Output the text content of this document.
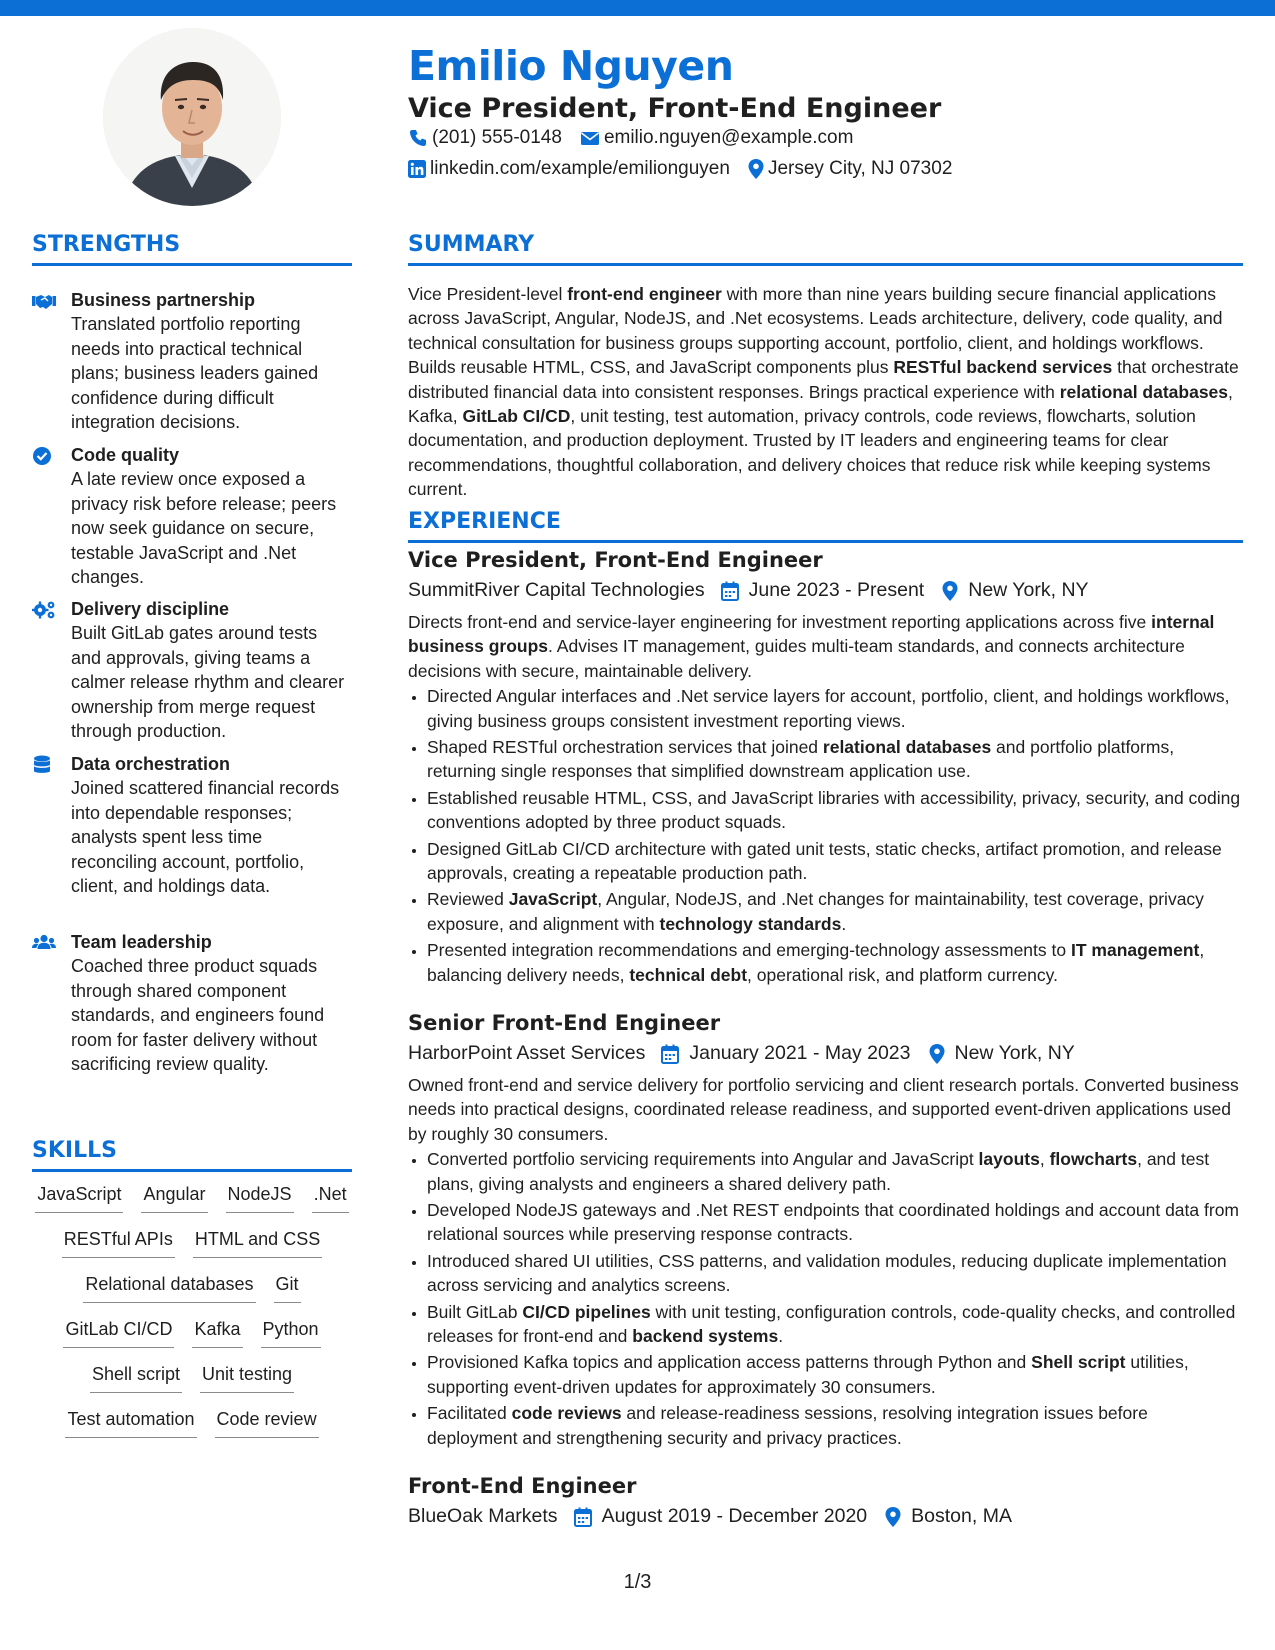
Emilio Nguyen
Vice President, Front-End Engineer
(201) 555-0148 emilio.nguyen@example.com
linkedin.com/example/emilionguyen Jersey City, NJ 07302
STRENGTHS
Business partnership
Translated portfolio reporting needs into practical technical plans; business leaders gained confidence during difficult integration decisions.
Code quality
A late review once exposed a privacy risk before release; peers now seek guidance on secure, testable JavaScript and .Net changes.
Delivery discipline
Built GitLab gates around tests and approvals, giving teams a calmer release rhythm and clearer ownership from merge request through production.
Data orchestration
Joined scattered financial records into dependable responses; analysts spent less time reconciling account, portfolio, client, and holdings data.
Team leadership
Coached three product squads through shared component standards, and engineers found room for faster delivery without sacrificing review quality.
SKILLS
JavaScript Angular NodeJS .Net
RESTful APIs HTML and CSS
Relational databases Git
GitLab CI/CD Kafka Python
Shell script Unit testing
Test automation Code review
SUMMARY

Vice President-level front-end engineer with more than nine years building secure financial applications across JavaScript, Angular, NodeJS, and .Net ecosystems. Leads architecture, delivery, code quality, and technical consultation for business groups supporting account, portfolio, client, and holdings workflows. Builds reusable HTML, CSS, and JavaScript components plus RESTful backend services that orchestrate distributed financial data into consistent responses. Brings practical experience with relational databases, Kafka, GitLab CI/CD, unit testing, test automation, privacy controls, code reviews, flowcharts, solution documentation, and production deployment. Trusted by IT leaders and engineering teams for clear recommendations, thoughtful collaboration, and delivery choices that reduce risk while keeping systems current.

EXPERIENCE
Vice President, Front-End Engineer
SummitRiver Capital Technologies June 2023 - Present New York, NY
Directs front-end and service-layer engineering for investment reporting applications across five internal business groups. Advises IT management, guides multi-team standards, and connects architecture decisions with secure, maintainable delivery.
• Directed Angular interfaces and .Net service layers for account, portfolio, client, and holdings workflows, giving business groups consistent investment reporting views.
• Shaped RESTful orchestration services that joined relational databases and portfolio platforms, returning single responses that simplified downstream application use.
• Established reusable HTML, CSS, and JavaScript libraries with accessibility, privacy, security, and coding conventions adopted by three product squads.
• Designed GitLab CI/CD architecture with gated unit tests, static checks, artifact promotion, and release approvals, creating a repeatable production path.
• Reviewed JavaScript, Angular, NodeJS, and .Net changes for maintainability, test coverage, privacy exposure, and alignment with technology standards.
• Presented integration recommendations and emerging-technology assessments to IT management, balancing delivery needs, technical debt, operational risk, and platform currency.
Senior Front-End Engineer
HarborPoint Asset Services January 2021 - May 2023 New York, NY
Owned front-end and service delivery for portfolio servicing and client research portals. Converted business needs into practical designs, coordinated release readiness, and supported event-driven applications used by roughly 30 consumers.
• Converted portfolio servicing requirements into Angular and JavaScript layouts, flowcharts, and test plans, giving analysts and engineers a shared delivery path.
• Developed NodeJS gateways and .Net REST endpoints that coordinated holdings and account data from relational sources while preserving response contracts.
• Introduced shared UI utilities, CSS patterns, and validation modules, reducing duplicate implementation across servicing and analytics screens.
• Built GitLab CI/CD pipelines with unit testing, configuration controls, code-quality checks, and controlled releases for front-end and backend systems.
• Provisioned Kafka topics and application access patterns through Python and Shell script utilities, supporting event-driven updates for approximately 30 consumers.
• Facilitated code reviews and release-readiness sessions, resolving integration issues before deployment and strengthening security and privacy practices.
Front-End Engineer
BlueOak Markets August 2019 - December 2020 Boston, MA
1/3
